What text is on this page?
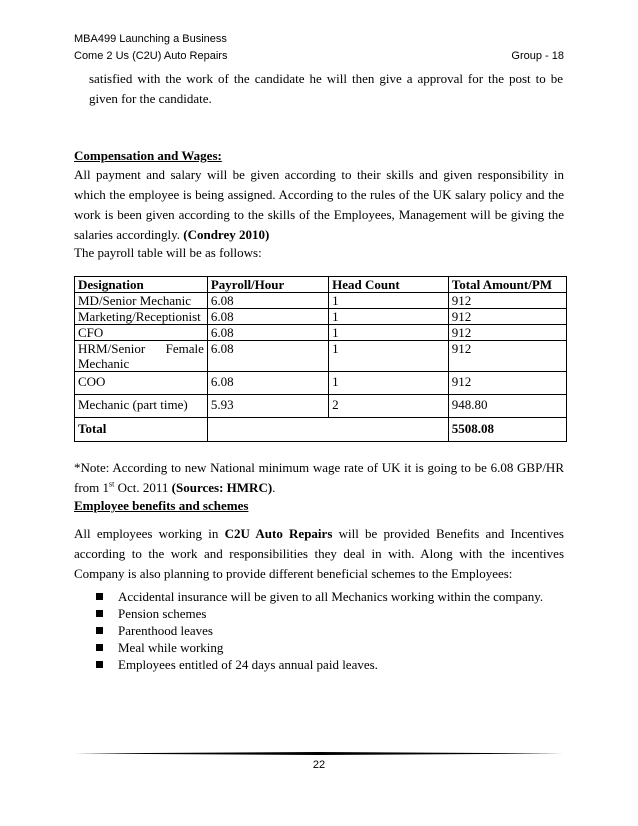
MBA499 Launching a Business
Come 2 Us (C2U) Auto Repairs	Group - 18
satisfied with the work of the candidate he will then give a approval for the post to be given for the candidate.
Compensation and Wages:
All payment and salary will be given according to their skills and given responsibility in which the employee is being assigned. According to the rules of the UK salary policy and the work is been given according to the skills of the Employees, Management will be giving the salaries accordingly. (Condrey 2010)
The payroll table will be as follows:
Designation	Payroll/Hour	Head Count	Total Amount/PM
MD/Senior Mechanic	6.08	1	912
Marketing/Receptionist	6.08	1	912
CFO	6.08	1	912

HRM/Senior Female
Mechanic	6.08	1	912
COO	6.08	1	912
Mechanic (part time)	5.93	2	948.80
Total			5508.08
*Note: According to new National minimum wage rate of UK it is going to be 6.08 GBP/HR from 1st Oct. 2011 (Sources: HMRC).
Employee benefits and schemes
All employees working in C2U Auto Repairs will be provided Benefits and Incentives according to the work and responsibilities they deal in with. Along with the incentives Company is also planning to provide different beneficial schemes to the Employees:
Accidental insurance will be given to all Mechanics working within the company.
Pension schemes
Parenthood leaves
Meal while working
Employees entitled of 24 days annual paid leaves.
22
